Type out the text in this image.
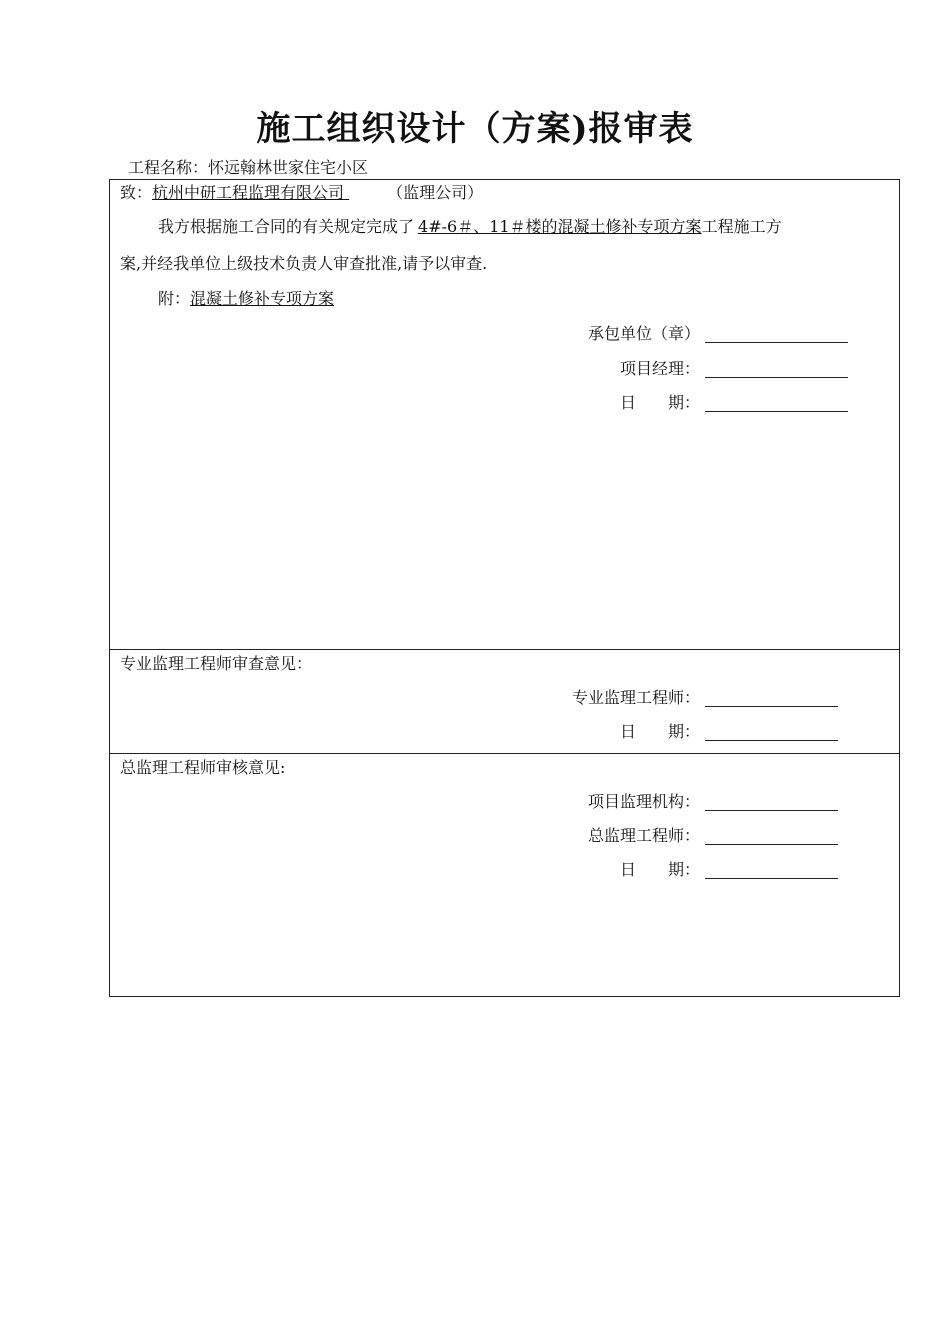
施工组织设计（方案)报审表
工程名称：怀远翰林世家住宅小区
致：杭州中研工程监理有限公司 （监理公司）
我方根据施工合同的有关规定完成了 4#-6＃、11＃楼的混凝土修补专项方案工程施工方
案,并经我单位上级技术负责人审查批准,请予以审查.
附：混凝土修补专项方案
承包单位（章）
项目经理：
日　　期：
专业监理工程师审查意见：
专业监理工程师：
日　　期：
总监理工程师审核意见:
项目监理机构：
总监理工程师：
日　　期：
